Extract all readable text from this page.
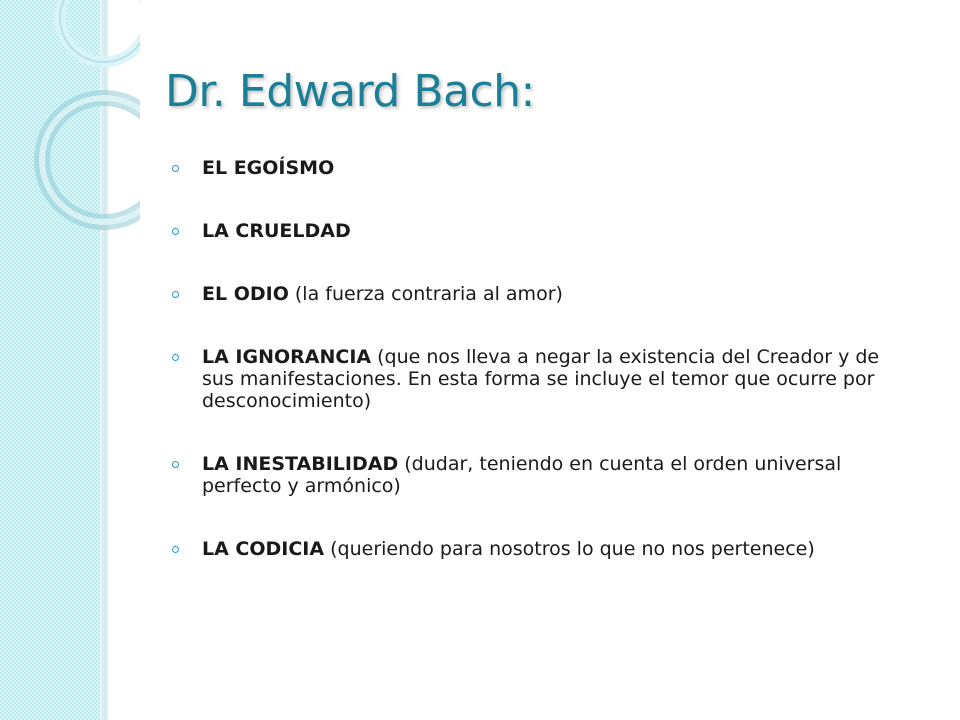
Dr. Edward Bach:
EL EGOÍSMO
LA CRUELDAD
EL ODIO (la fuerza contraria al amor)
LA IGNORANCIA (que nos lleva a negar la existencia del Creador y de sus manifestaciones. En esta forma se incluye el temor que ocurre por desconocimiento)
LA INESTABILIDAD (dudar, teniendo en cuenta el orden universal perfecto y armónico)
LA CODICIA (queriendo para nosotros lo que no nos pertenece)
